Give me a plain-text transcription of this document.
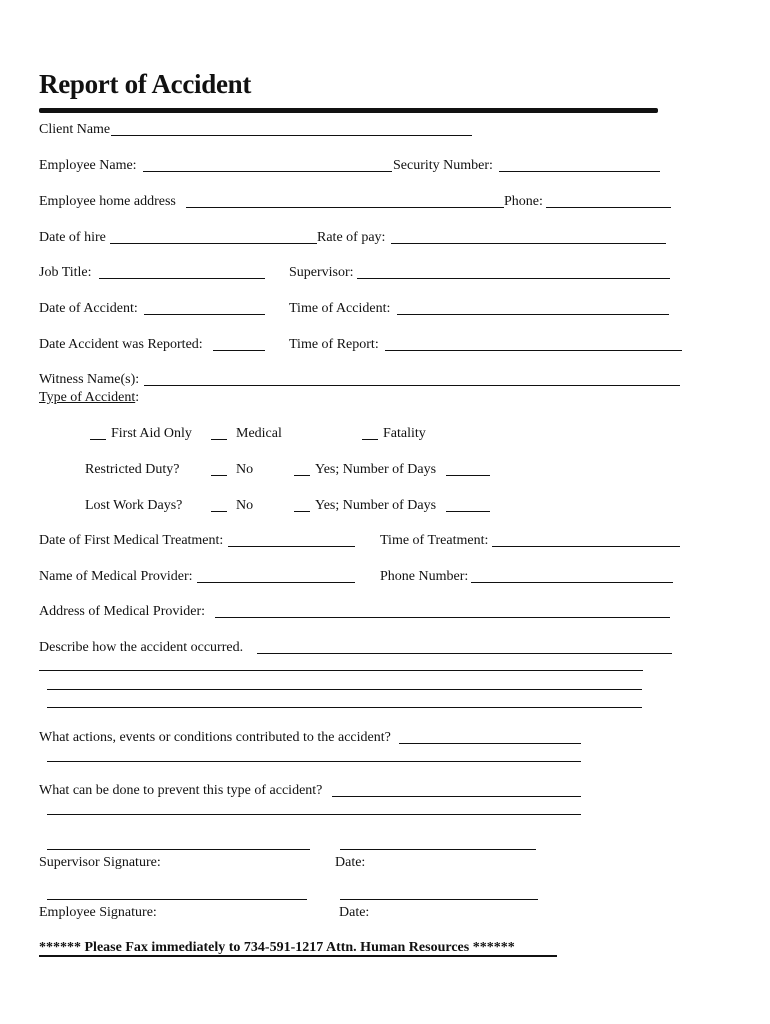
Report of Accident
Client Name
Employee Name:	Security Number:
Employee home address	Phone:
Date of hire	Rate of pay:
Job Title:	Supervisor:
Date of Accident:	Time of Accident:
Date Accident was Reported:	Time of Report:
Witness Name(s):
Type of Accident:
First Aid Only	Medical	Fatality
Restricted Duty?	No	Yes; Number of Days
Lost Work Days?	No	Yes; Number of Days
Date of First Medical Treatment:	Time of Treatment:
Name of Medical Provider:	Phone Number:
Address of Medical Provider:
Describe how the accident occurred.
What actions, events or conditions contributed to the accident?
What can be done to prevent this type of accident?
Supervisor Signature:	Date:
Employee Signature:	Date:
****** Please Fax immediately to 734-591-1217 Attn. Human Resources ******
